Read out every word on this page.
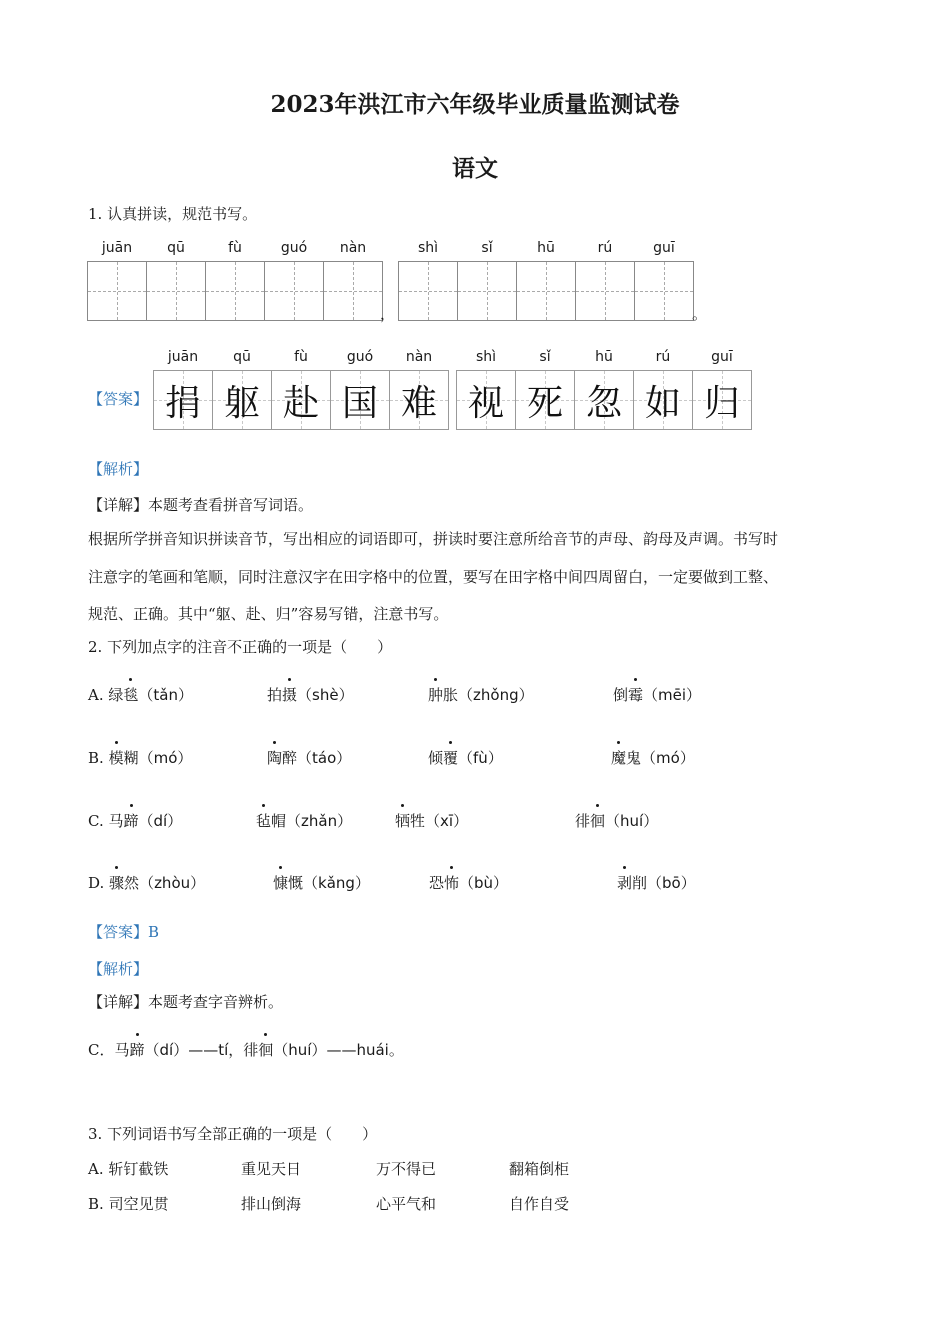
2023年洪江市六年级毕业质量监测试卷
语文
1. 认真拼读，规范书写。
juān	qū	fù	guó	nàn	shì	sǐ	hū	rú	guī
，	。
juān	qū	fù	guó	nàn	shì	sǐ	hū	rú	guī
【答案】 捐 躯 赴 国 难 视 死 忽 如 归
【解析】
【详解】本题考查看拼音写词语。
根据所学拼音知识拼读音节，写出相应的词语即可，拼读时要注意所给音节的声母、韵母及声调。书写时
注意字的笔画和笔顺，同时注意汉字在田字格中的位置，要写在田字格中间四周留白，一定要做到工整、
规范、正确。其中“躯、赴、归”容易写错，注意书写。
2. 下列加点字的注音不正确的一项是（　　）
A. 绿毯（tǎn）	拍摄（shè）	肿胀（zhǒng）	倒霉（mēi）
B. 模糊（mó）	陶醉（táo）	倾覆（fù）	魔鬼（mó）
C. 马蹄（dí）	毡帽（zhǎn）	牺牲（xī）	徘徊（huí）
D. 骤然（zhòu）	慷慨（kǎng）	恐怖（bù）	剥削（bō）
【答案】B
【解析】
【详解】本题考查字音辨析。
C．马蹄（dí）——tí，徘徊（huí）——huái。
3. 下列词语书写全部正确的一项是（　　）
A. 斩钉截铁	重见天日	万不得已	翻箱倒柜
B. 司空见贯	排山倒海	心平气和	自作自受
